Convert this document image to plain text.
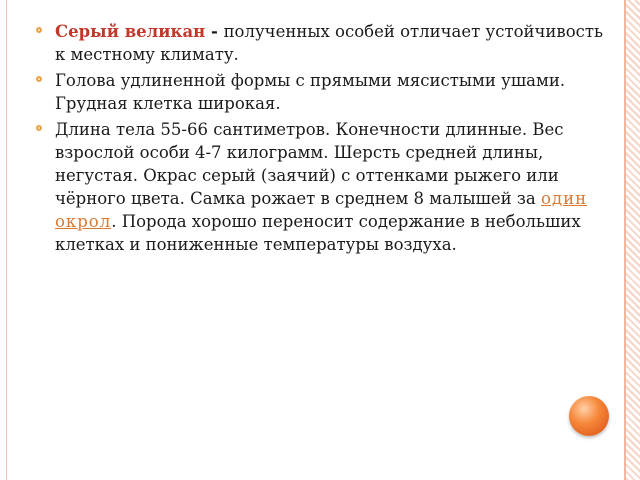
Серый великан - полученных особей отличает устойчивость к местному климату.
Голова удлиненной формы с прямыми мясистыми ушами. Грудная клетка широкая.
Длина тела 55-66 сантиметров. Конечности длинные. Вес взрослой особи 4-7 килограмм. Шерсть средней длины, негустая. Окрас серый (заячий) с оттенками рыжего или чёрного цвета. Самка рожает в среднем 8 малышей за один окрол. Порода хорошо переносит содержание в небольших клетках и пониженные температуры воздуха.
